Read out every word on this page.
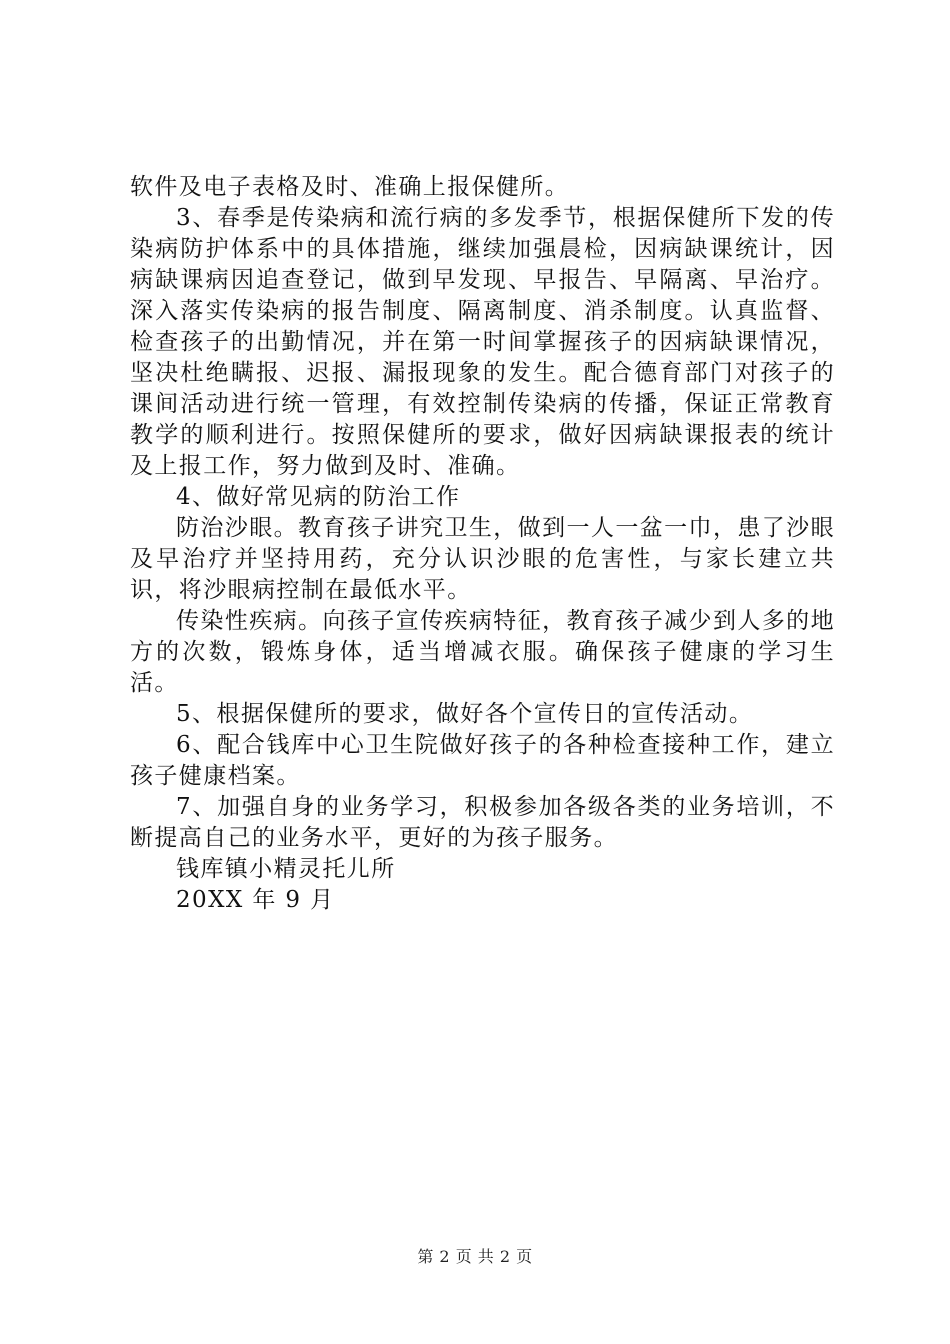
软件及电子表格及时、准确上报保健所。

3、春季是传染病和流行病的多发季节，根据保健所下发的传染病防护体系中的具体措施，继续加强晨检，因病缺课统计，因病缺课病因追查登记，做到早发现、早报告、早隔离、早治疗。深入落实传染病的报告制度、隔离制度、消杀制度。认真监督、检查孩子的出勤情况，并在第一时间掌握孩子的因病缺课情况，坚决杜绝瞒报、迟报、漏报现象的发生。配合德育部门对孩子的课间活动进行统一管理，有效控制传染病的传播，保证正常教育教学的顺利进行。按照保健所的要求，做好因病缺课报表的统计及上报工作，努力做到及时、准确。

4、做好常见病的防治工作

防治沙眼。教育孩子讲究卫生，做到一人一盆一巾，患了沙眼及早治疗并坚持用药，充分认识沙眼的危害性，与家长建立共识，将沙眼病控制在最低水平。

传染性疾病。向孩子宣传疾病特征，教育孩子减少到人多的地方的次数，锻炼身体，适当增减衣服。确保孩子健康的学习生活。

5、根据保健所的要求，做好各个宣传日的宣传活动。

6、配合钱库中心卫生院做好孩子的各种检查接种工作，建立孩子健康档案。

7、加强自身的业务学习，积极参加各级各类的业务培训，不断提高自己的业务水平，更好的为孩子服务。

钱库镇小精灵托儿所

20XX 年 9 月

第 2 页 共 2 页
